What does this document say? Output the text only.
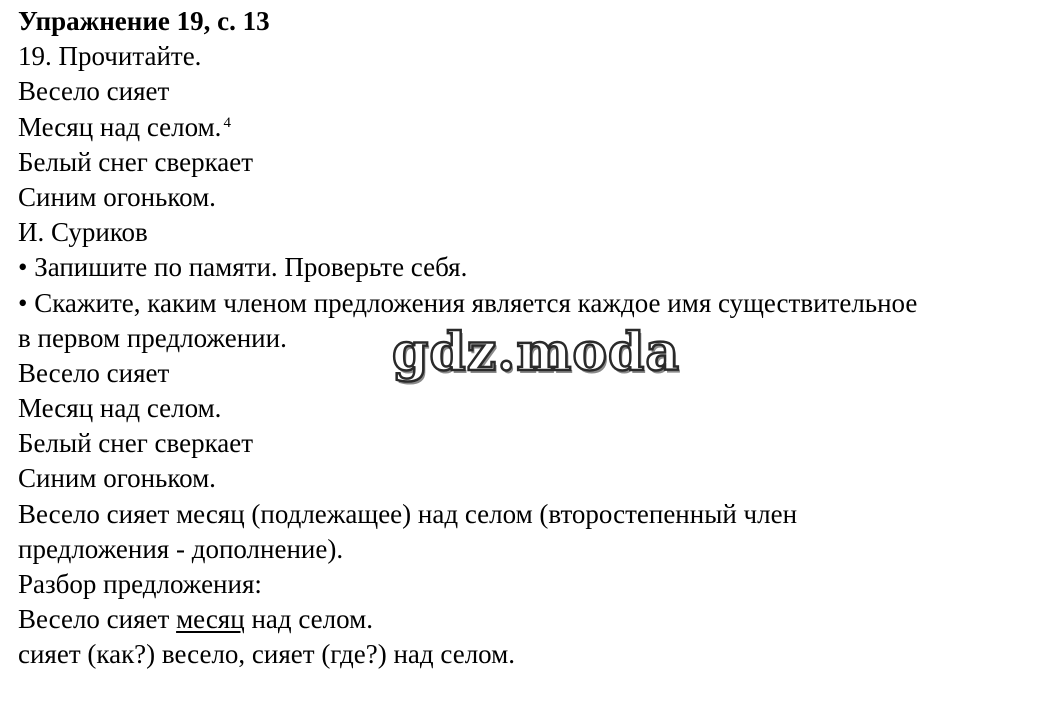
Упражнение 19, с. 13
19. Прочитайте.
Весело сияет
Месяц над селом. $^4$
Белый снег сверкает
Синим огоньком.
И. Суриков
• Запишите по памяти. Проверьте себя.
• Скажите, каким членом предложения является каждое имя существительное
в первом предложении.
Весело сияет
Месяц над селом.
Белый снег сверкает
Синим огоньком.
Весело сияет месяц (подлежащее) над селом (второстепенный член
предложения - дополнение).
Разбор предложения:
Весело сияет месяц над селом.
сияет (как?) весело, сияет (где?) над селом.
gdz.moda
